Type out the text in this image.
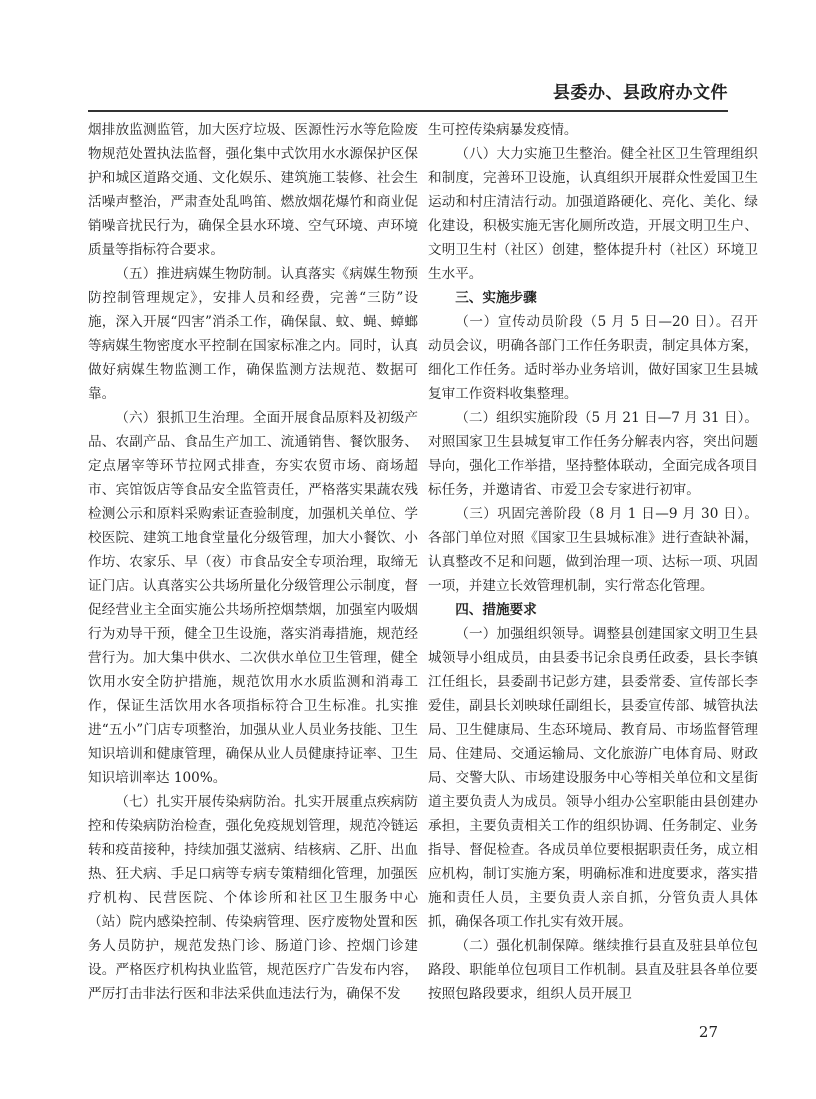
县委办、县政府办文件

烟排放监测监管，加大医疗垃圾、医源性污水等危险废物规范处置执法监督，强化集中式饮用水水源保护区保护和城区道路交通、文化娱乐、建筑施工装修、社会生活噪声整治，严肃查处乱鸣笛、燃放烟花爆竹和商业促销噪音扰民行为，确保全县水环境、空气环境、声环境质量等指标符合要求。

（五）推进病媒生物防制。认真落实《病媒生物预防控制管理规定》，安排人员和经费，完善“三防”设施，深入开展“四害”消杀工作，确保鼠、蚊、蝇、蟑螂等病媒生物密度水平控制在国家标准之内。同时，认真做好病媒生物监测工作，确保监测方法规范、数据可靠。

（六）狠抓卫生治理。全面开展食品原料及初级产品、农副产品、食品生产加工、流通销售、餐饮服务、定点屠宰等环节拉网式排查，夯实农贸市场、商场超市、宾馆饭店等食品安全监管责任，严格落实果蔬农残检测公示和原料采购索证查验制度，加强机关单位、学校医院、建筑工地食堂量化分级管理，加大小餐饮、小作坊、农家乐、早（夜）市食品安全专项治理，取缔无证门店。认真落实公共场所量化分级管理公示制度，督促经营业主全面实施公共场所控烟禁烟，加强室内吸烟行为劝导干预，健全卫生设施，落实消毒措施，规范经营行为。加大集中供水、二次供水单位卫生管理，健全饮用水安全防护措施，规范饮用水水质监测和消毒工作，保证生活饮用水各项指标符合卫生标准。扎实推进“五小”门店专项整治，加强从业人员业务技能、卫生知识培训和健康管理，确保从业人员健康持证率、卫生知识培训率达 100%。

（七）扎实开展传染病防治。扎实开展重点疾病防控和传染病防治检查，强化免疫规划管理，规范冷链运转和疫苗接种，持续加强艾滋病、结核病、乙肝、出血热、狂犬病、手足口病等专病专策精细化管理，加强医疗机构、民营医院、个体诊所和社区卫生服务中心（站）院内感染控制、传染病管理、医疗废物处置和医务人员防护，规范发热门诊、肠道门诊、控烟门诊建设。严格医疗机构执业监管，规范医疗广告发布内容，严厉打击非法行医和非法采供血违法行为，确保不发

生可控传染病暴发疫情。

（八）大力实施卫生整治。健全社区卫生管理组织和制度，完善环卫设施，认真组织开展群众性爱国卫生运动和村庄清洁行动。加强道路硬化、亮化、美化、绿化建设，积极实施无害化厕所改造，开展文明卫生户、文明卫生村（社区）创建，整体提升村（社区）环境卫生水平。

三、实施步骤

（一）宣传动员阶段（5 月 5 日—20 日）。召开动员会议，明确各部门工作任务职责，制定具体方案，细化工作任务。适时举办业务培训，做好国家卫生县城复审工作资料收集整理。

（二）组织实施阶段（5 月 21 日—7 月 31 日）。对照国家卫生县城复审工作任务分解表内容，突出问题导向，强化工作举措，坚持整体联动，全面完成各项目标任务，并邀请省、市爱卫会专家进行初审。

（三）巩固完善阶段（8 月 1 日—9 月 30 日）。各部门单位对照《国家卫生县城标准》进行查缺补漏，认真整改不足和问题，做到治理一项、达标一项、巩固一项，并建立长效管理机制，实行常态化管理。

四、措施要求

（一）加强组织领导。调整县创建国家文明卫生县城领导小组成员，由县委书记余良勇任政委，县长李镇江任组长，县委副书记彭方建，县委常委、宣传部长李爱佳，副县长刘映球任副组长，县委宣传部、城管执法局、卫生健康局、生态环境局、教育局、市场监督管理局、住建局、交通运输局、文化旅游广电体育局、财政局、交警大队、市场建设服务中心等相关单位和文星街道主要负责人为成员。领导小组办公室职能由县创建办承担，主要负责相关工作的组织协调、任务制定、业务指导、督促检查。各成员单位要根据职责任务，成立相应机构，制订实施方案，明确标准和进度要求，落实措施和责任人员，主要负责人亲自抓，分管负责人具体抓，确保各项工作扎实有效开展。

（二）强化机制保障。继续推行县直及驻县单位包路段、职能单位包项目工作机制。县直及驻县各单位要按照包路段要求，组织人员开展卫

27
